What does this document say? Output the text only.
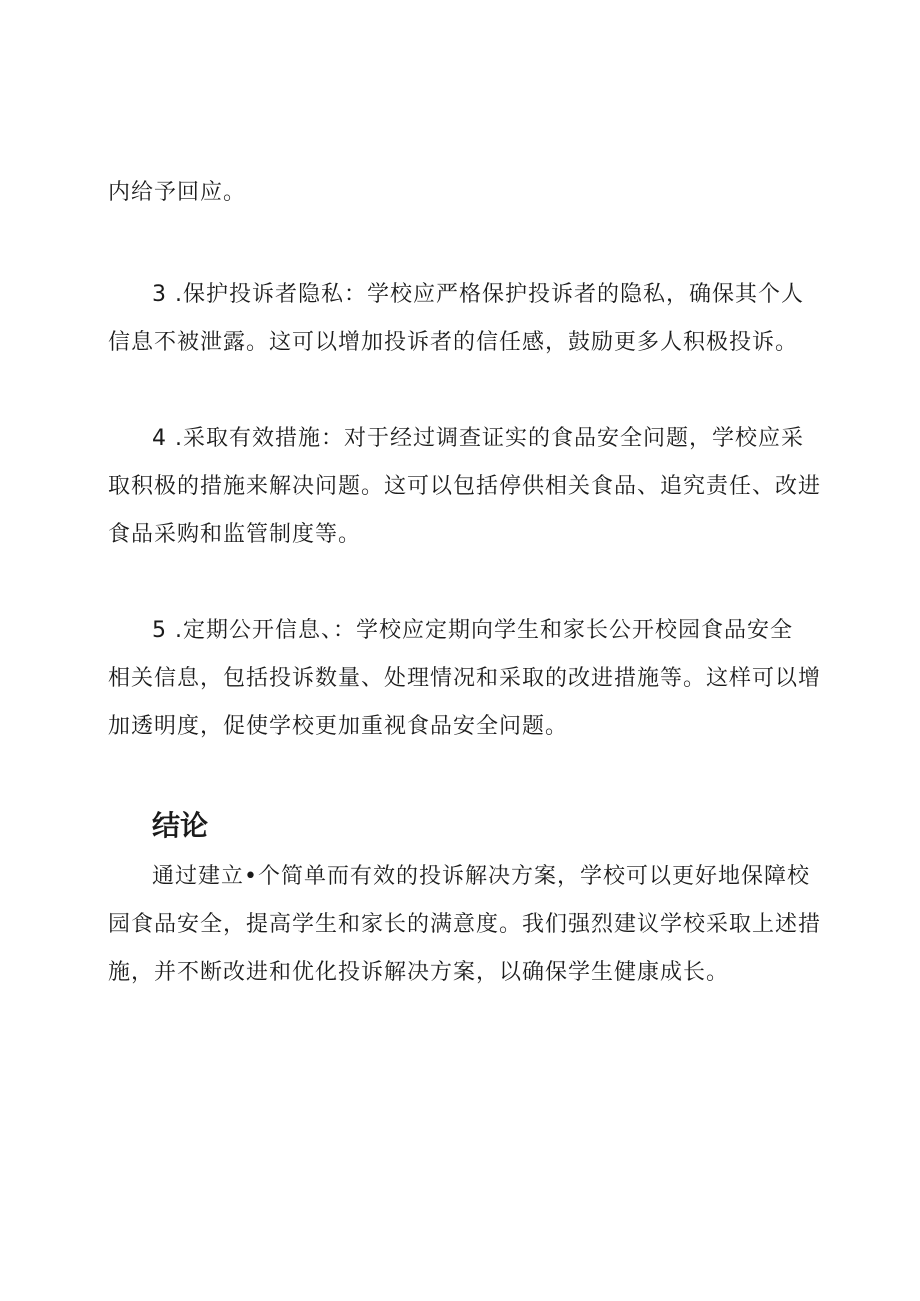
内给予回应。
3 .保护投诉者隐私：学校应严格保护投诉者的隐私，确保其个人
信息不被泄露。这可以增加投诉者的信任感，鼓励更多人积极投诉。
4 .采取有效措施：对于经过调查证实的食品安全问题，学校应采
取积极的措施来解决问题。这可以包括停供相关食品、追究责任、改进
食品采购和监管制度等。
5 .定期公开信息、：学校应定期向学生和家长公开校园食品安全
相关信息，包括投诉数量、处理情况和采取的改进措施等。这样可以增
加透明度，促使学校更加重视食品安全问题。
结论
通过建立•个简单而有效的投诉解决方案，学校可以更好地保障校
园食品安全，提高学生和家长的满意度。我们强烈建议学校采取上述措
施，并不断改进和优化投诉解决方案，以确保学生健康成长。
